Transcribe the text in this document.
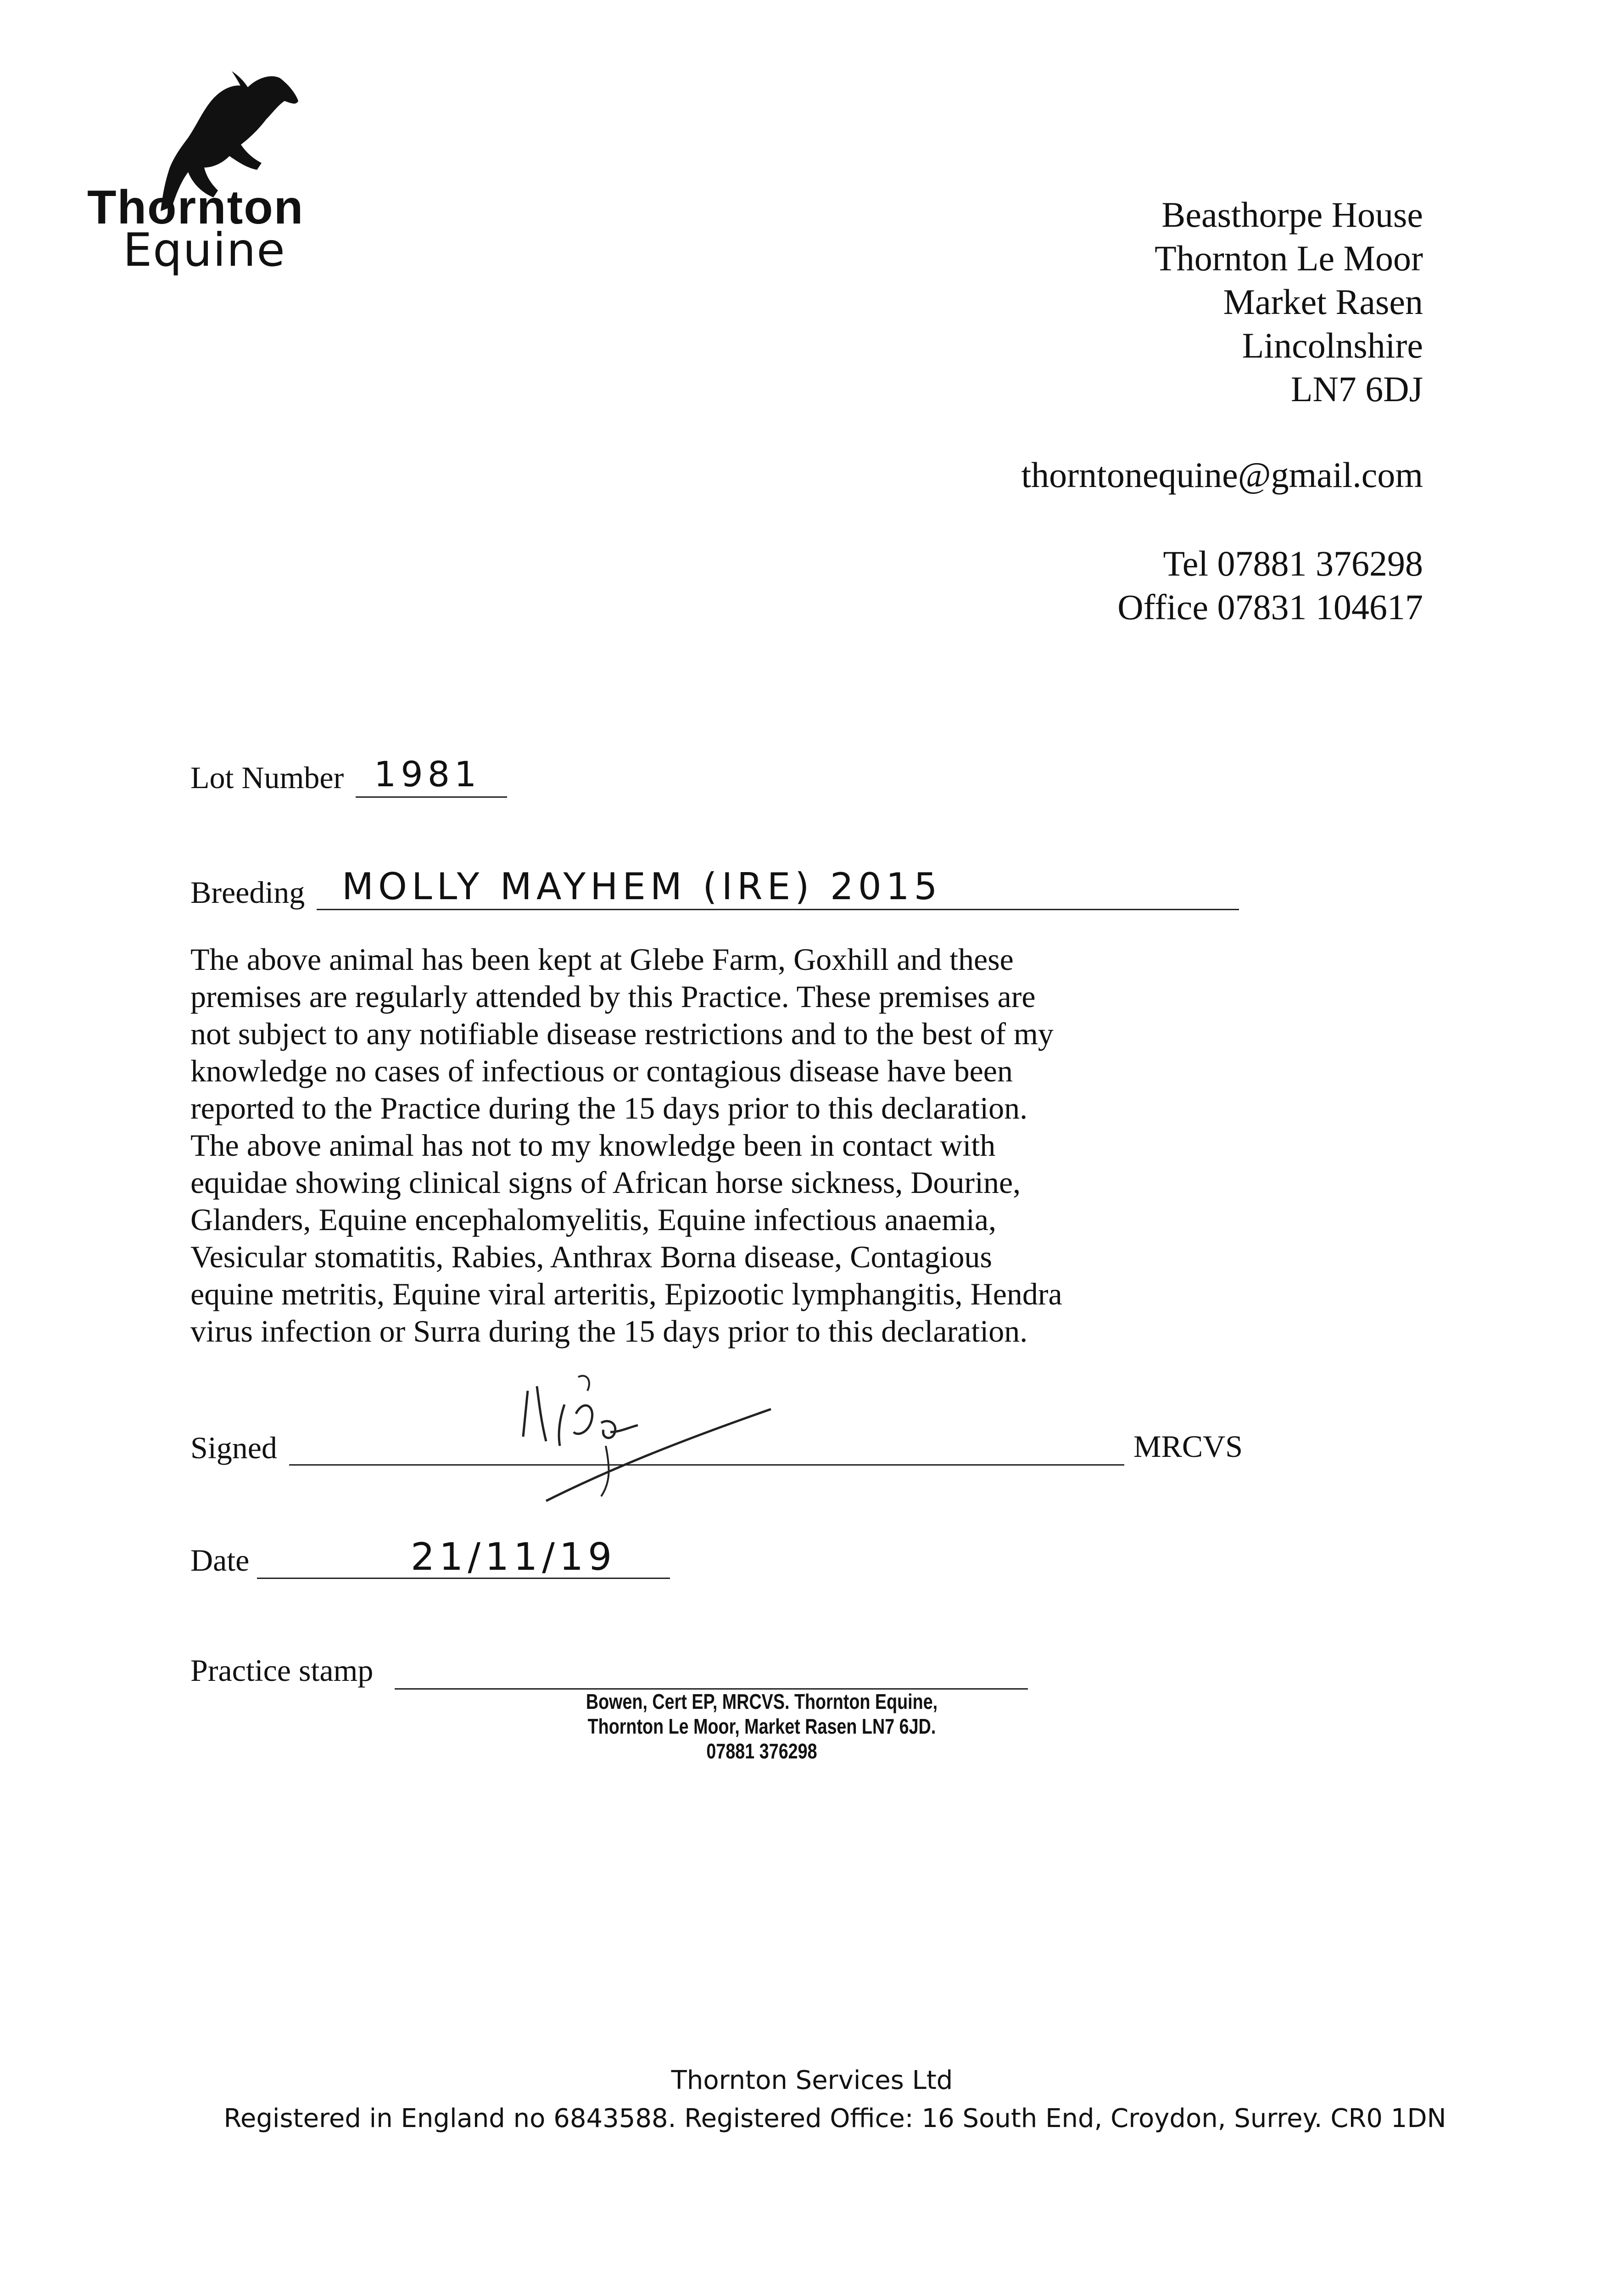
Thornton
Equine
Beasthorpe House
Thornton Le Moor
Market Rasen
Lincolnshire
LN7 6DJ
thorntonequine@gmail.com
Tel 07881 376298
Office 07831 104617
Lot Number 1981
Breeding MOLLY MAYHEM (IRE) 2015

The above animal has been kept at Glebe Farm, Goxhill and these

premises are regularly attended by this Practice. These premises are

not subject to any notifiable disease restrictions and to the best of my

knowledge no cases of infectious or contagious disease have been

reported to the Practice during the 15 days prior to this declaration.

The above animal has not to my knowledge been in contact with

equidae showing clinical signs of African horse sickness, Dourine,

Glanders, Equine encephalomyelitis, Equine infectious anaemia,

Vesicular stomatitis, Rabies, Anthrax Borna disease, Contagious

equine metritis, Equine viral arteritis, Epizootic lymphangitis, Hendra

virus infection or Surra during the 15 days prior to this declaration.

Signed	MRCVS
Date	21/11/19
Practice stamp
Bowen, Cert EP, MRCVS. Thornton Equine,
Thornton Le Moor, Market Rasen LN7 6JD.
07881 376298
Thornton Services Ltd
Registered in England no 6843588. Registered Office: 16 South End, Croydon, Surrey. CR0 1DN
